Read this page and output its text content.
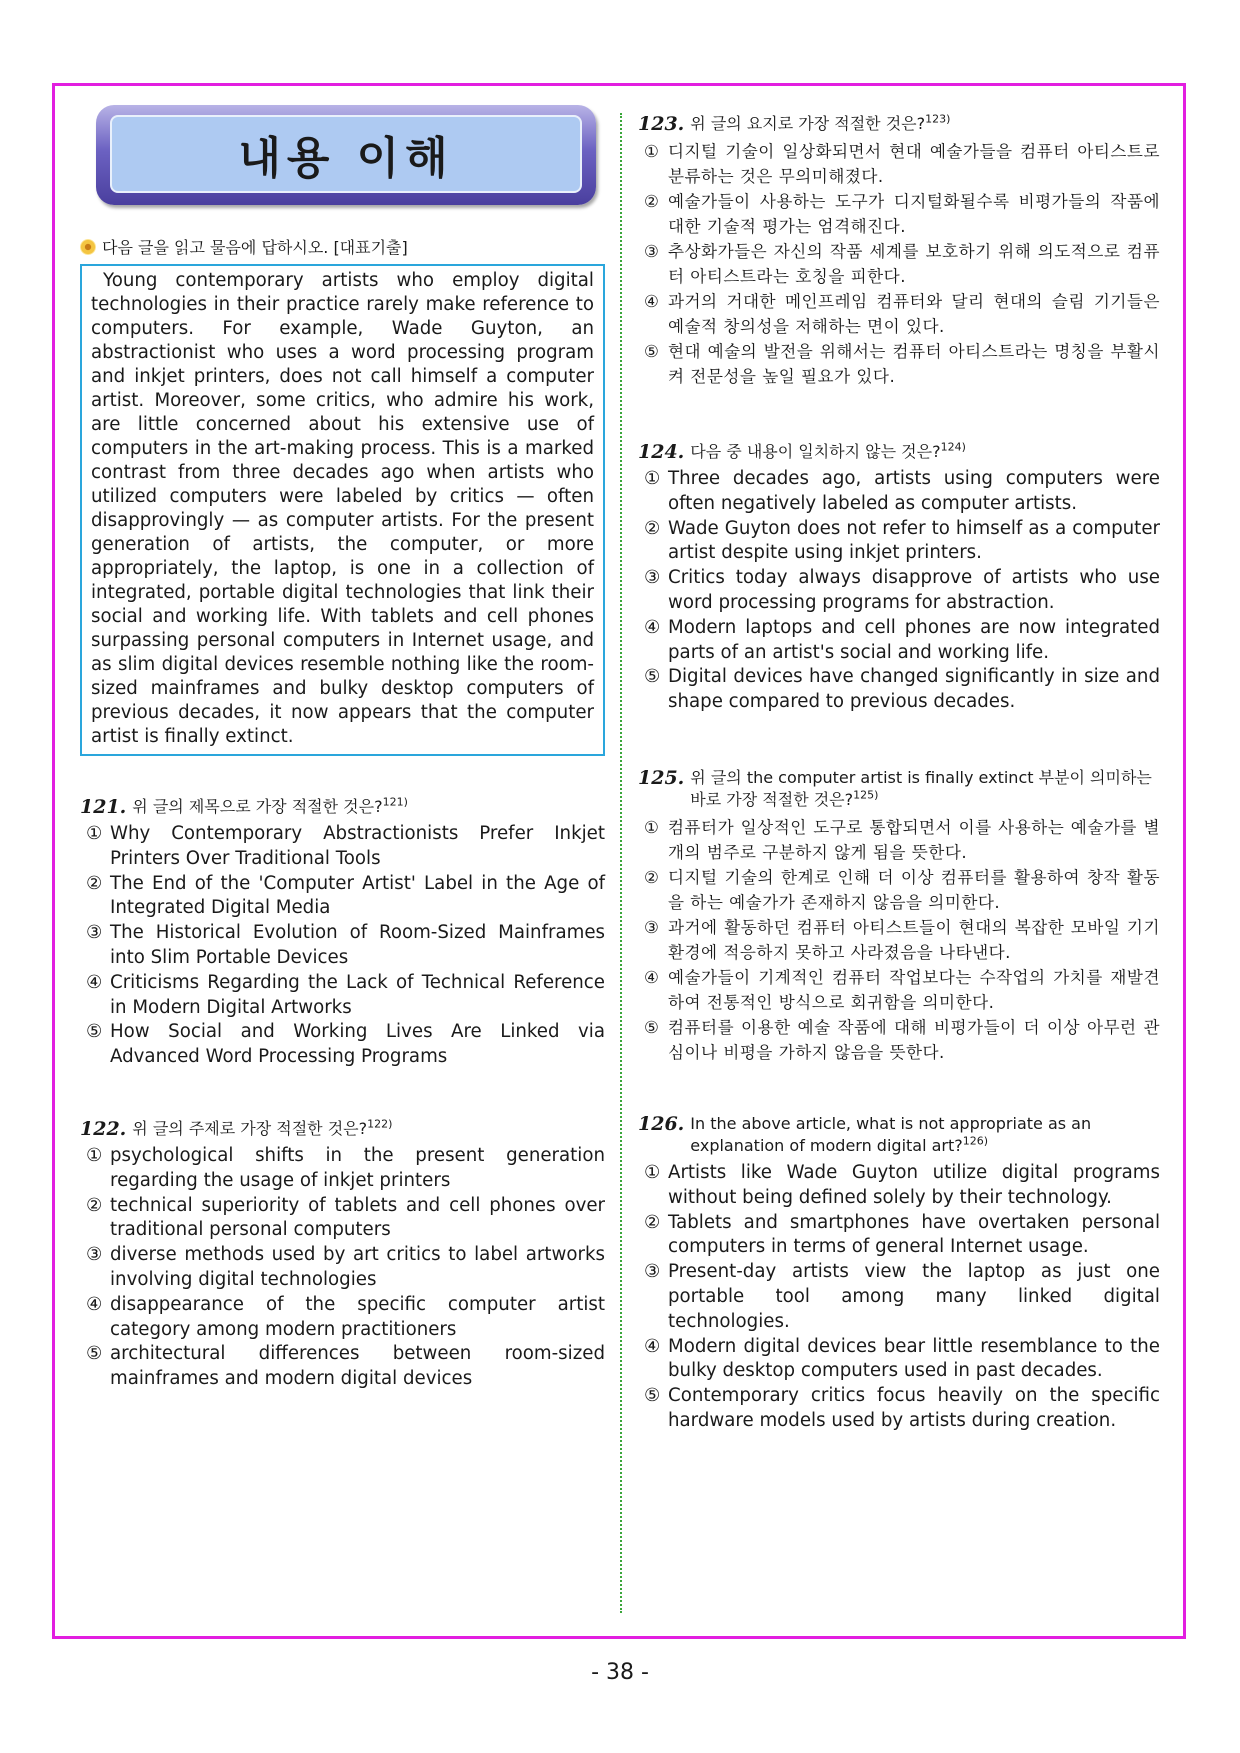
내용 이해
다음 글을 읽고 물음에 답하시오. [대표기출]
Young contemporary artists who employ digital technologies in their practice rarely make reference to computers. For example, Wade Guyton, an abstractionist who uses a word processing program and inkjet printers, does not call himself a computer artist. Moreover, some critics, who admire his work, are little concerned about his extensive use of computers in the art-making process. This is a marked contrast from three decades ago when artists who utilized computers were labeled by critics — often disapprovingly — as computer artists. For the present generation of artists, the computer, or more appropriately, the laptop, is one in a collection of integrated, portable digital technologies that link their social and working life. With tablets and cell phones surpassing personal computers in Internet usage, and as slim digital devices resemble nothing like the room-sized mainframes and bulky desktop computers of previous decades, it now appears that the computer artist is finally extinct.
121. 위 글의 제목으로 가장 적절한 것은?$^{121)}$
① Why Contemporary Abstractionists Prefer Inkjet Printers Over Traditional Tools
② The End of the 'Computer Artist' Label in the Age of Integrated Digital Media
③ The Historical Evolution of Room-Sized Mainframes into Slim Portable Devices
④ Criticisms Regarding the Lack of Technical Reference in Modern Digital Artworks
⑤ How Social and Working Lives Are Linked via Advanced Word Processing Programs
122. 위 글의 주제로 가장 적절한 것은?$^{122)}$
① psychological shifts in the present generation regarding the usage of inkjet printers
② technical superiority of tablets and cell phones over traditional personal computers
③ diverse methods used by art critics to label artworks involving digital technologies
④ disappearance of the specific computer artist category among modern practitioners
⑤ architectural differences between room-sized mainframes and modern digital devices
123. 위 글의 요지로 가장 적절한 것은?$^{123)}$
① 디지털 기술이 일상화되면서 현대 예술가들을 컴퓨터 아티스트로 분류하는 것은 무의미해졌다.
② 예술가들이 사용하는 도구가 디지털화될수록 비평가들의 작품에 대한 기술적 평가는 엄격해진다.
③ 추상화가들은 자신의 작품 세계를 보호하기 위해 의도적으로 컴퓨터 아티스트라는 호칭을 피한다.
④ 과거의 거대한 메인프레임 컴퓨터와 달리 현대의 슬림 기기들은 예술적 창의성을 저해하는 면이 있다.
⑤ 현대 예술의 발전을 위해서는 컴퓨터 아티스트라는 명칭을 부활시켜 전문성을 높일 필요가 있다.
124. 다음 중 내용이 일치하지 않는 것은?$^{124)}$
① Three decades ago, artists using computers were often negatively labeled as computer artists.
② Wade Guyton does not refer to himself as a computer artist despite using inkjet printers.
③ Critics today always disapprove of artists who use word processing programs for abstraction.
④ Modern laptops and cell phones are now integrated parts of an artist's social and working life.
⑤ Digital devices have changed significantly in size and shape compared to previous decades.
125. 위 글의 the computer artist is finally extinct 부분이 의미하는 바로 가장 적절한 것은?$^{125)}$
① 컴퓨터가 일상적인 도구로 통합되면서 이를 사용하는 예술가를 별개의 범주로 구분하지 않게 됨을 뜻한다.
② 디지털 기술의 한계로 인해 더 이상 컴퓨터를 활용하여 창작 활동을 하는 예술가가 존재하지 않음을 의미한다.
③ 과거에 활동하던 컴퓨터 아티스트들이 현대의 복잡한 모바일 기기 환경에 적응하지 못하고 사라졌음을 나타낸다.
④ 예술가들이 기계적인 컴퓨터 작업보다는 수작업의 가치를 재발견하여 전통적인 방식으로 회귀함을 의미한다.
⑤ 컴퓨터를 이용한 예술 작품에 대해 비평가들이 더 이상 아무런 관심이나 비평을 가하지 않음을 뜻한다.
126. In the above article, what is not appropriate as an explanation of modern digital art?$^{126)}$
① Artists like Wade Guyton utilize digital programs without being defined solely by their technology.
② Tablets and smartphones have overtaken personal computers in terms of general Internet usage.
③ Present-day artists view the laptop as just one portable tool among many linked digital technologies.
④ Modern digital devices bear little resemblance to the bulky desktop computers used in past decades.
⑤ Contemporary critics focus heavily on the specific hardware models used by artists during creation.
- 38 -
